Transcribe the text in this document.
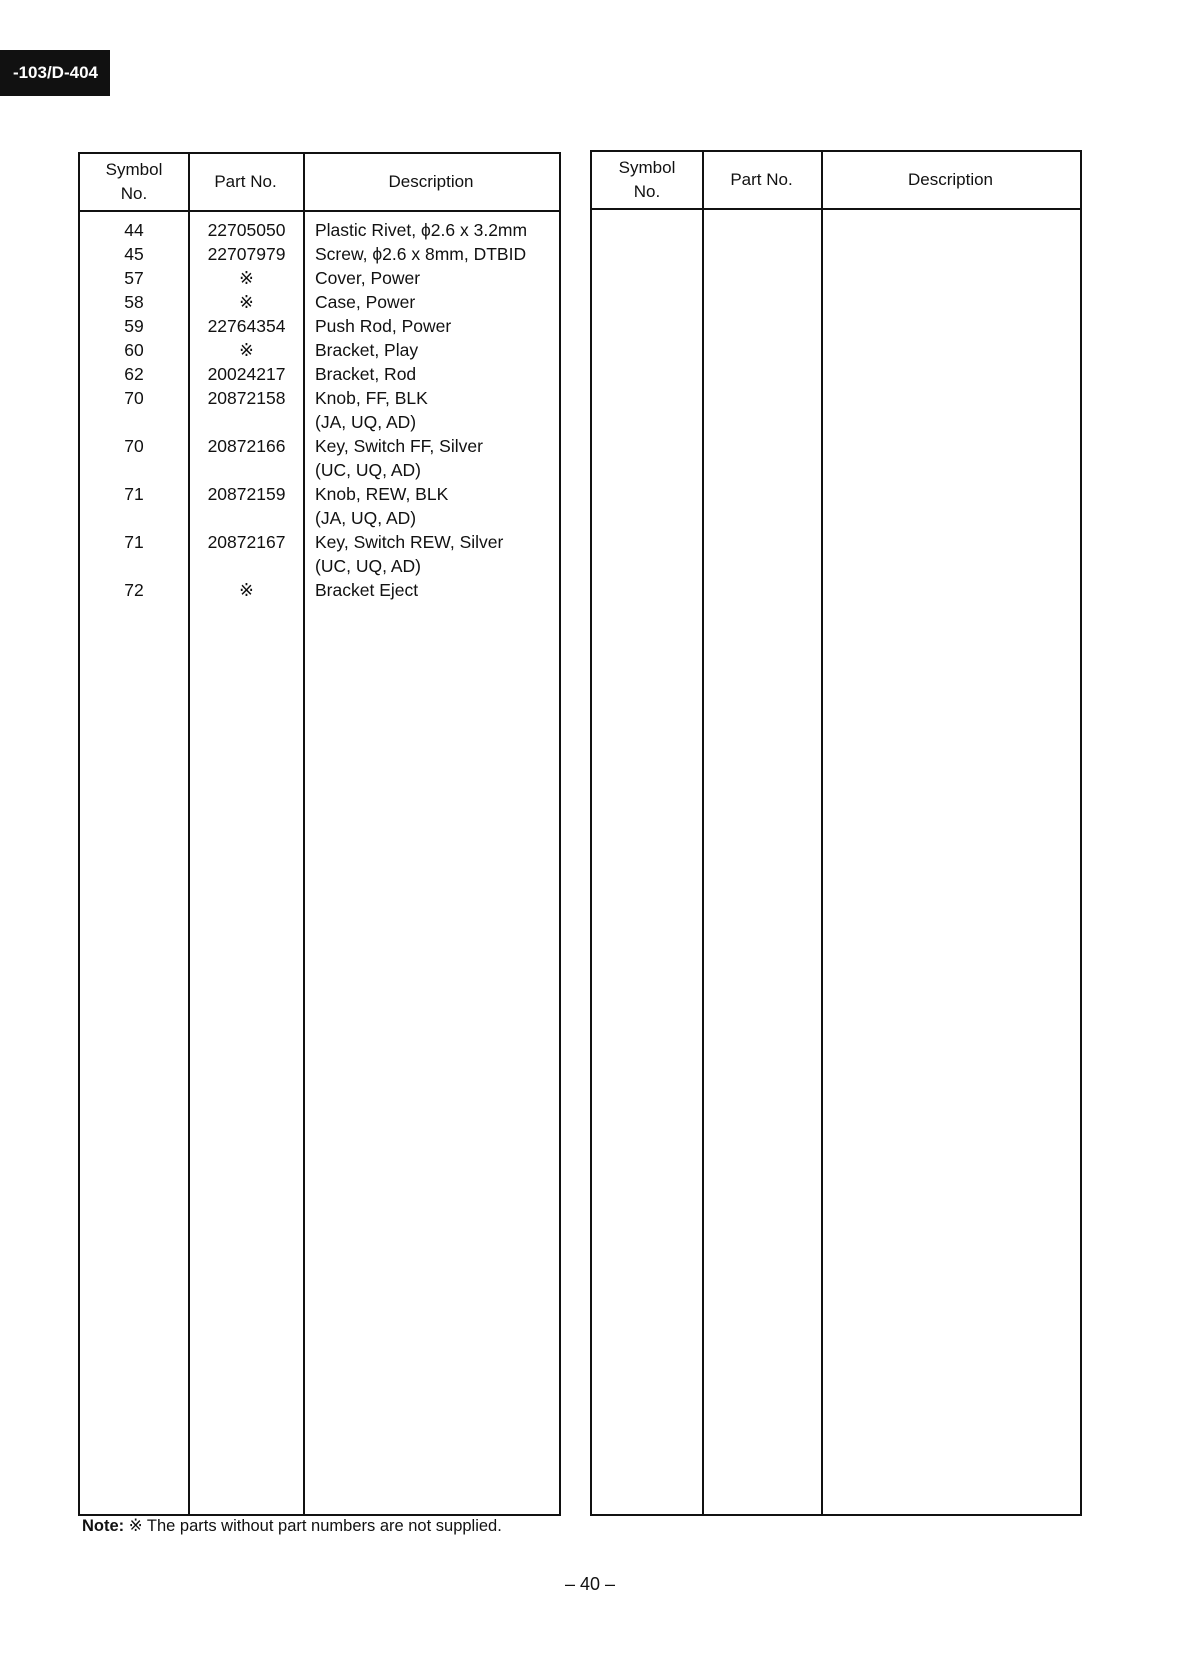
-103/D-404
Symbol
No.
Part No.	Description
44	22705050	Plastic Rivet, ϕ2.6 x 3.2mm
45	22707979	Screw, ϕ2.6 x 8mm, DTBID
57	※	Cover, Power
58	※	Case, Power
59	22764354	Push Rod, Power
60	※	Bracket, Play
62	20024217	Bracket, Rod
70	20872158	Knob, FF, BLK
(JA, UQ, AD)
70	20872166	Key, Switch FF, Silver
(UC, UQ, AD)
71	20872159	Knob, REW, BLK
(JA, UQ, AD)
71	20872167	Key, Switch REW, Silver
(UC, UQ, AD)
72	※	Bracket Eject
Symbol
No.
Part No.	Description
Note: ※ The parts without part numbers are not supplied.
– 40 –
